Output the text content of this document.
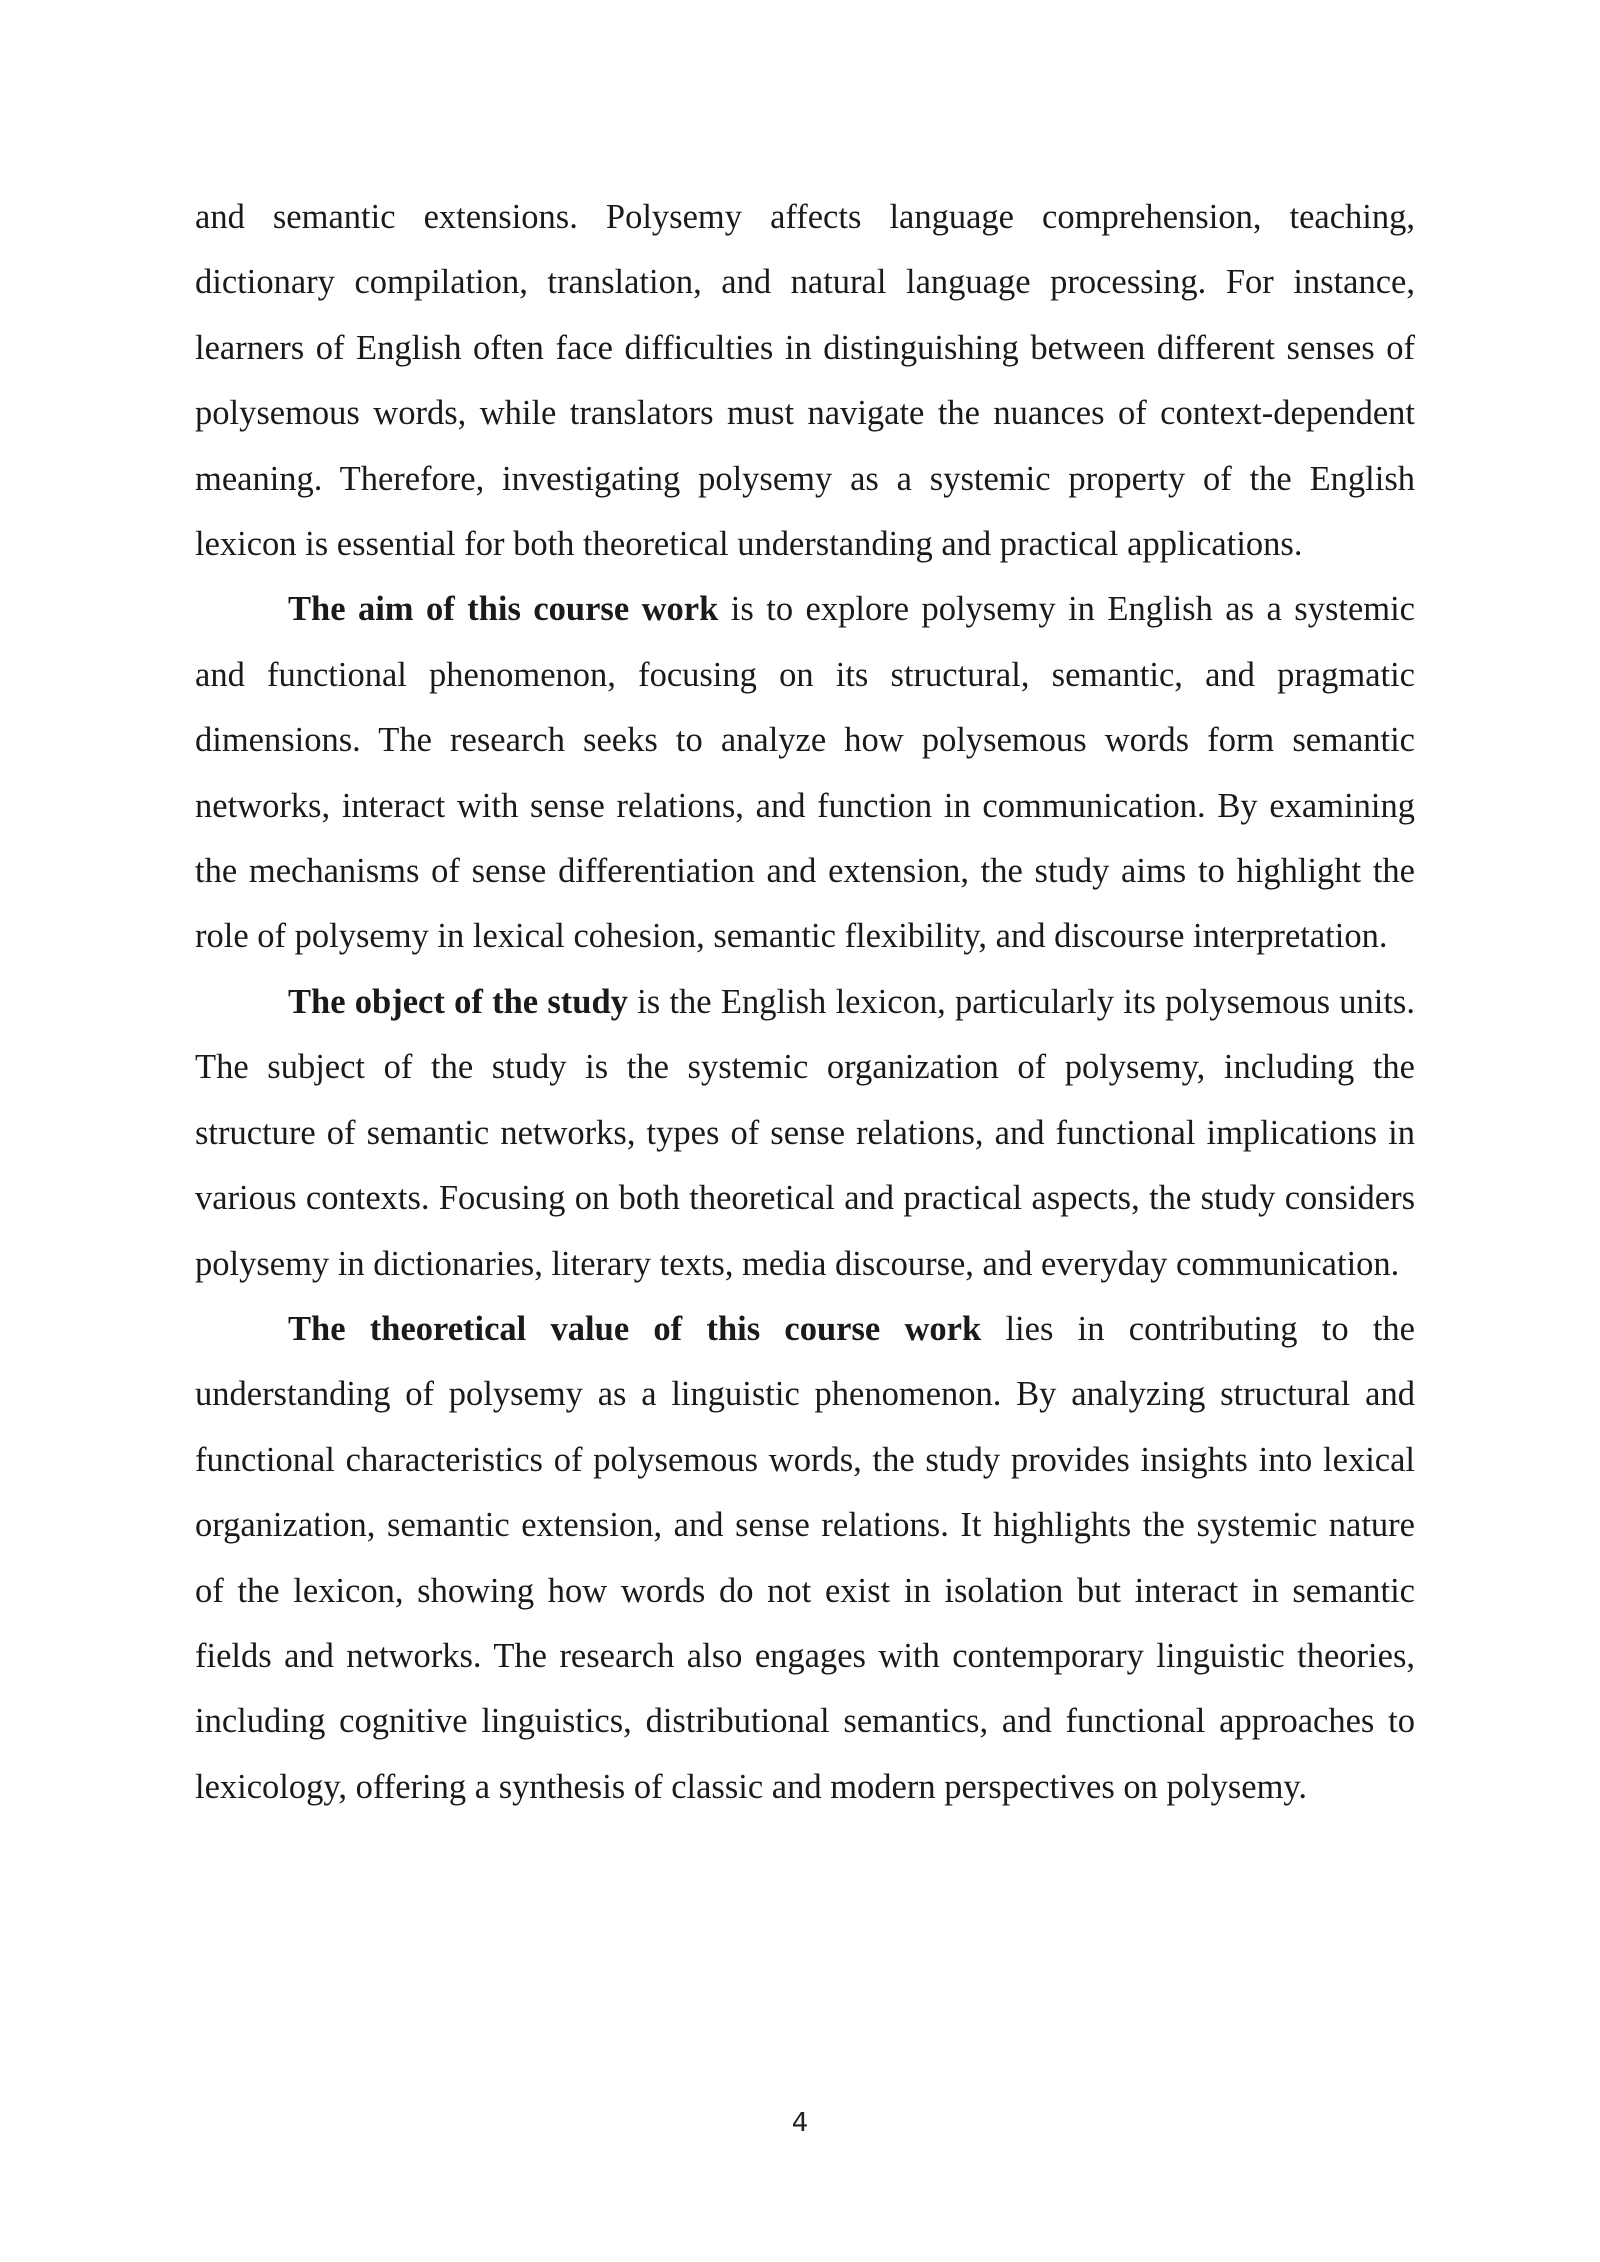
and semantic extensions. Polysemy affects language comprehension, teaching, dictionary compilation, translation, and natural language processing. For instance, learners of English often face difficulties in distinguishing between different senses of polysemous words, while translators must navigate the nuances of context-dependent meaning. Therefore, investigating polysemy as a systemic property of the English lexicon is essential for both theoretical understanding and practical applications.

The aim of this course work is to explore polysemy in English as a systemic and functional phenomenon, focusing on its structural, semantic, and pragmatic dimensions. The research seeks to analyze how polysemous words form semantic networks, interact with sense relations, and function in communication. By examining the mechanisms of sense differentiation and extension, the study aims to highlight the role of polysemy in lexical cohesion, semantic flexibility, and discourse interpretation.

The object of the study is the English lexicon, particularly its polysemous units. The subject of the study is the systemic organization of polysemy, including the structure of semantic networks, types of sense relations, and functional implications in various contexts. Focusing on both theoretical and practical aspects, the study considers polysemy in dictionaries, literary texts, media discourse, and everyday communication.

The theoretical value of this course work lies in contributing to the understanding of polysemy as a linguistic phenomenon. By analyzing structural and functional characteristics of polysemous words, the study provides insights into lexical organization, semantic extension, and sense relations. It highlights the systemic nature of the lexicon, showing how words do not exist in isolation but interact in semantic fields and networks. The research also engages with contemporary linguistic theories, including cognitive linguistics, distributional semantics, and functional approaches to lexicology, offering a synthesis of classic and modern perspectives on polysemy.

4
